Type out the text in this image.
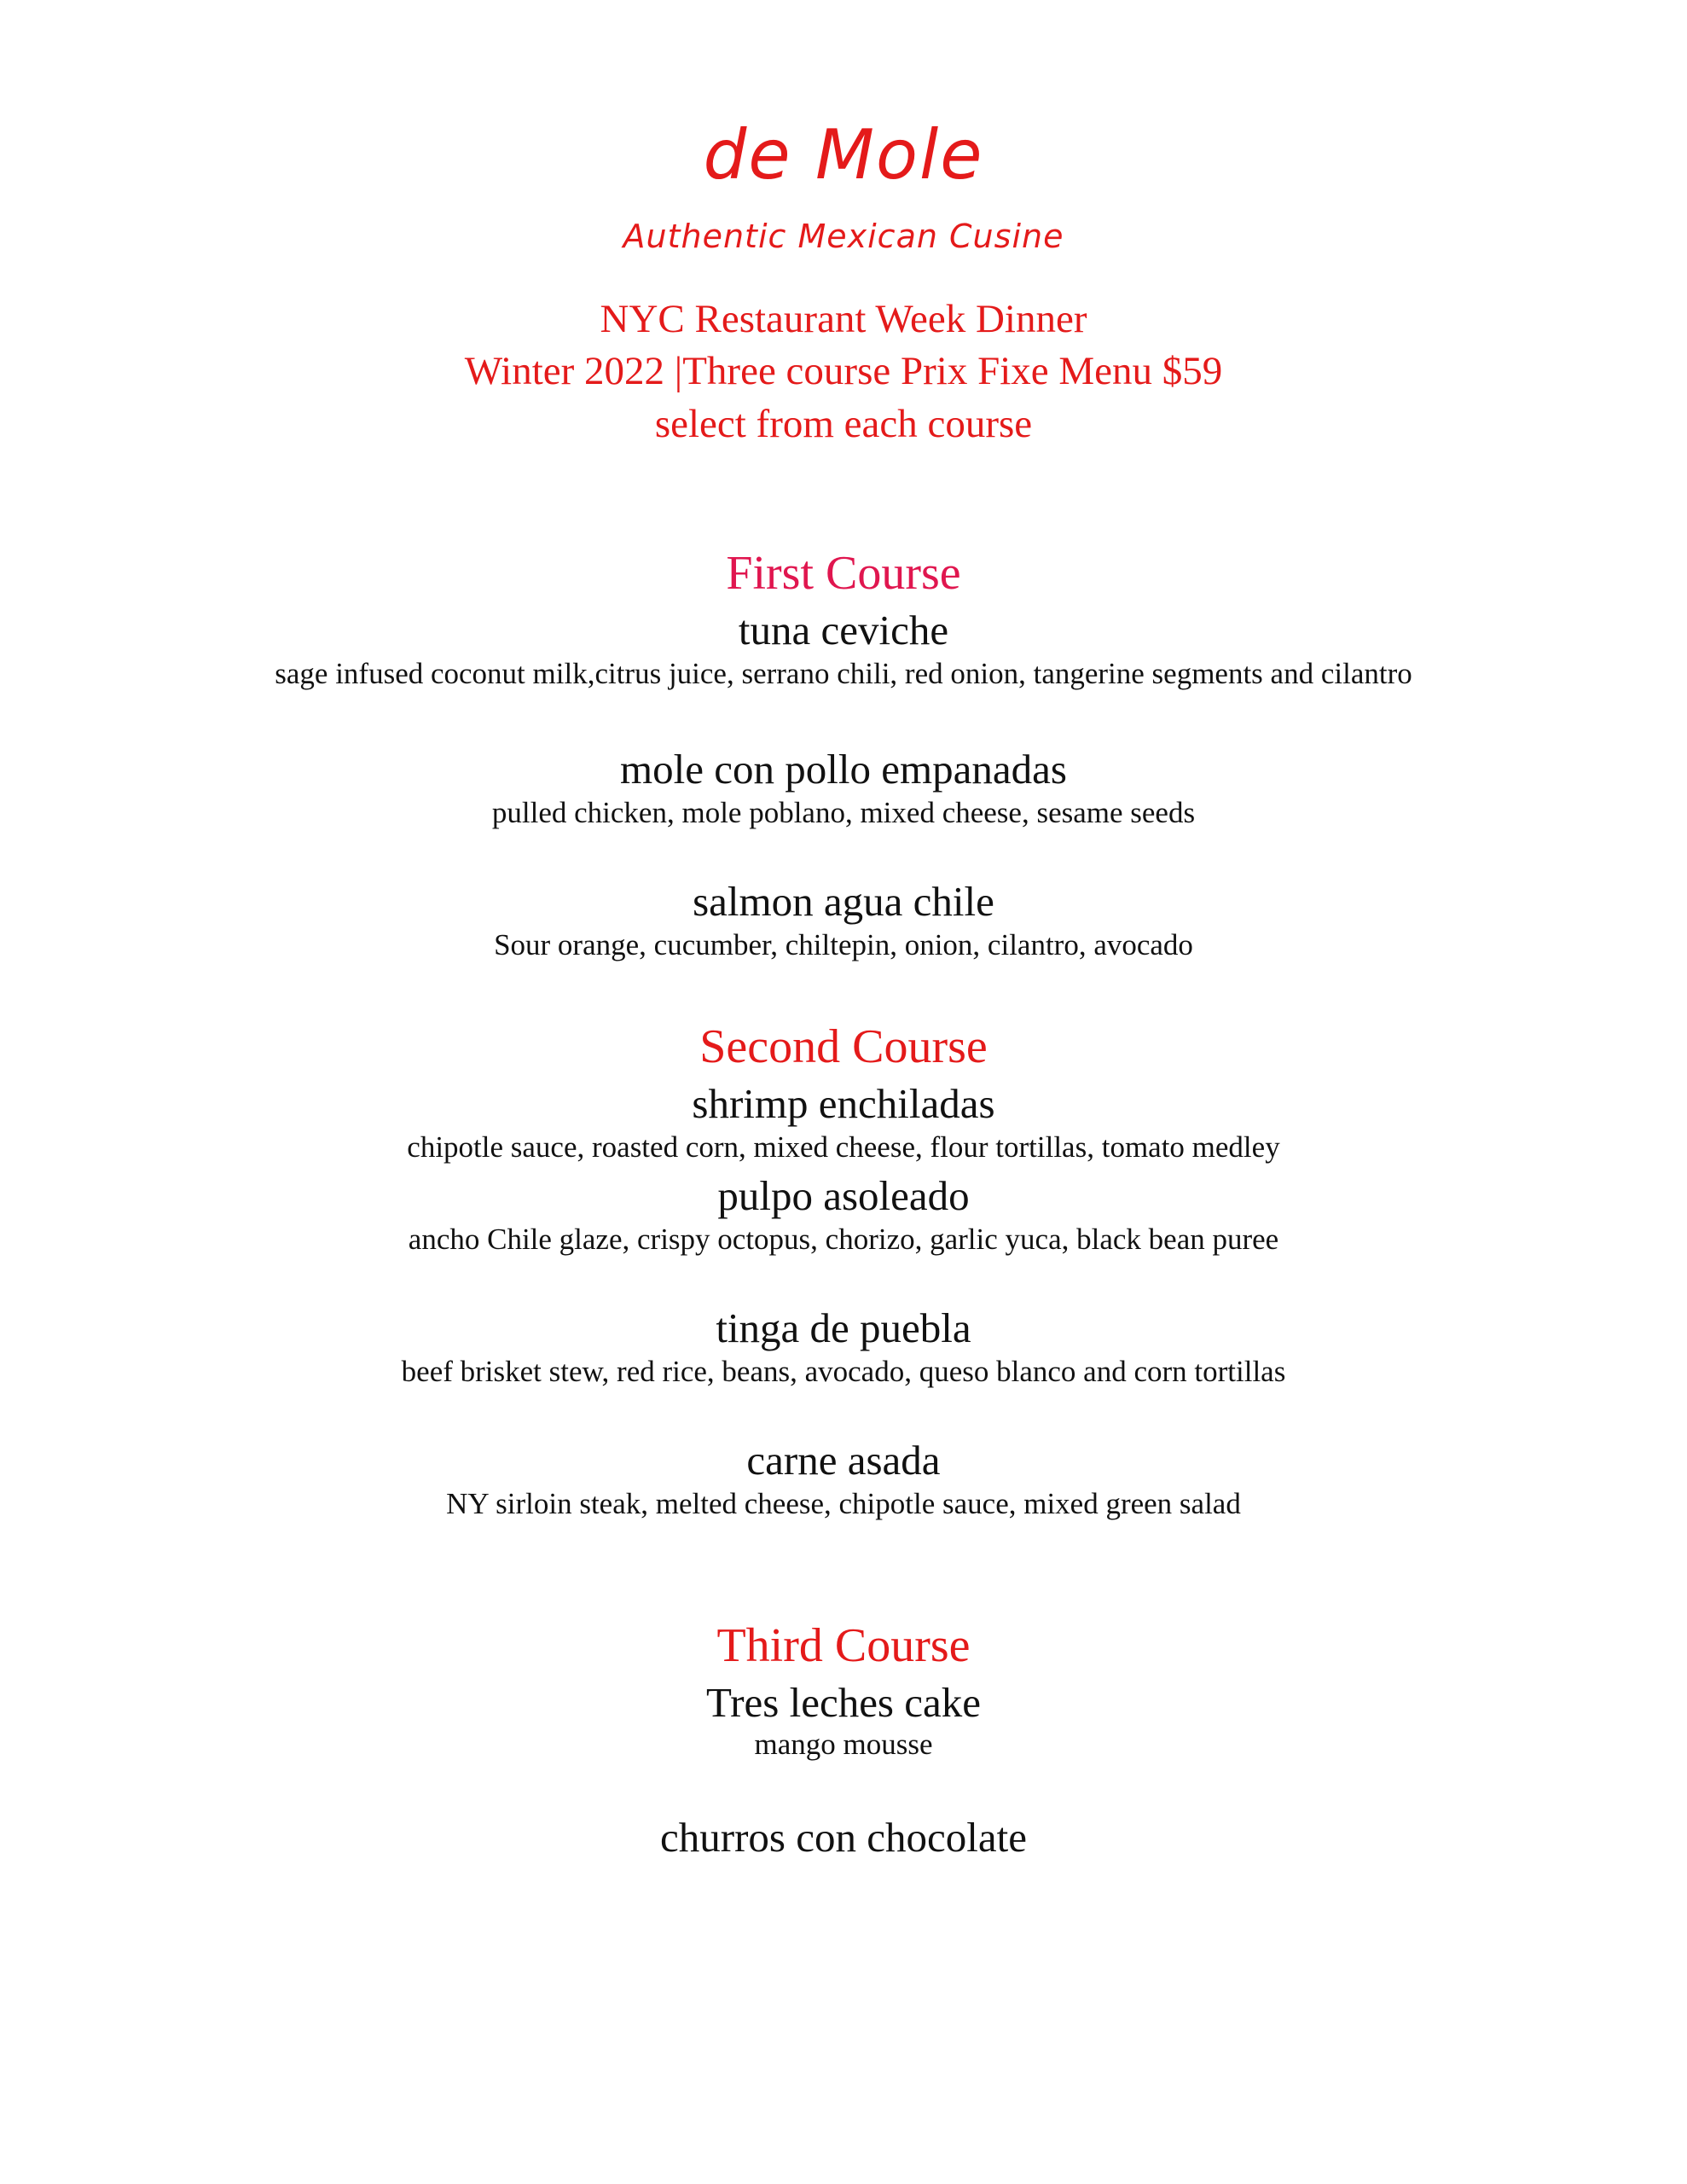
de Mole
Authentic Mexican Cusine
NYC Restaurant Week Dinner
Winter 2022 |Three course Prix Fixe Menu $59
select from each course
First Course
tuna ceviche
sage infused coconut milk,citrus juice, serrano chili, red onion, tangerine segments and cilantro
mole con pollo empanadas
pulled chicken, mole poblano, mixed cheese, sesame seeds
salmon agua chile
Sour orange, cucumber, chiltepin, onion, cilantro, avocado
Second Course
shrimp enchiladas
chipotle sauce, roasted corn, mixed cheese, flour tortillas, tomato medley
pulpo asoleado
ancho Chile glaze, crispy octopus, chorizo, garlic yuca, black bean puree
tinga de puebla
beef brisket stew, red rice, beans, avocado, queso blanco and corn tortillas
carne asada
NY sirloin steak, melted cheese, chipotle sauce, mixed green salad
Third Course
Tres leches cake
mango mousse
churros con chocolate
